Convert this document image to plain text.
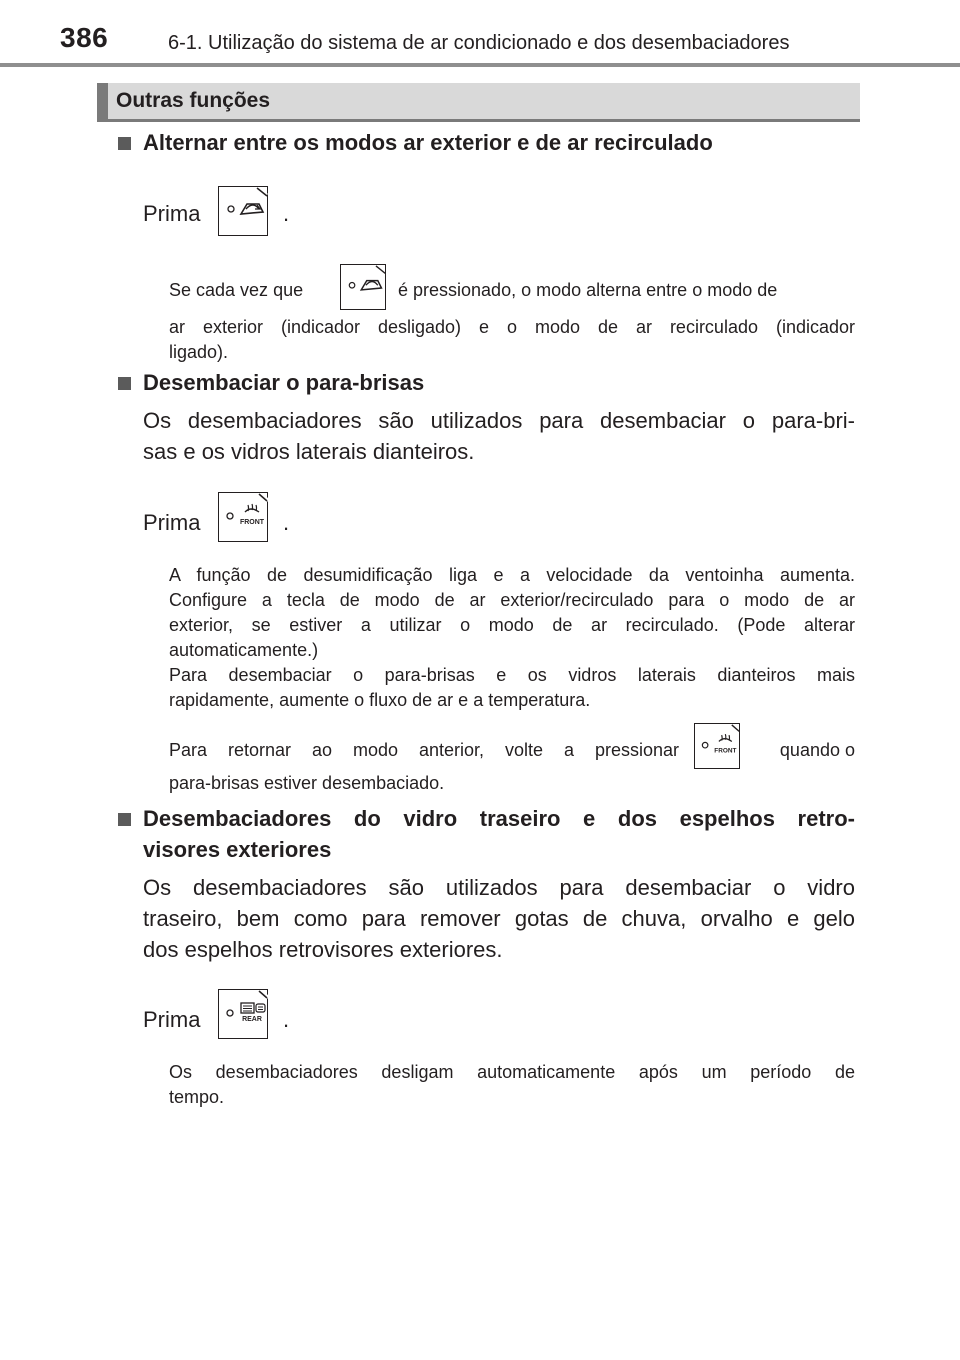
386	6-1. Utilização do sistema de ar condicionado e dos desembaciadores
Outras funções
Alternar entre os modos ar exterior e de ar recirculado
Prima	.
Se cada vez que	é pressionado, o modo alterna entre o modo de
ar exterior (indicador desligado) e o modo de ar recirculado (indicador
ligado).
Desembaciar o para-brisas
Os desembaciadores são utilizados para desembaciar o para-bri-
sas e os vidros laterais dianteiros.
Prima	FRONT .
A função de desumidificação liga e a velocidade da ventoinha aumenta.
Configure a tecla de modo de ar exterior/recirculado para o modo de ar
exterior, se estiver a utilizar o modo de ar recirculado. (Pode alterar
automaticamente.)
Para desembaciar o para-brisas e os vidros laterais dianteiros mais
rapidamente, aumente o fluxo de ar e a temperatura.
Para retornar ao modo anterior, volte a pressionar	FRONT	quando o
para-brisas estiver desembaciado.
Desembaciadores do vidro traseiro e dos espelhos retro-
visores exteriores
Os desembaciadores são utilizados para desembaciar o vidro
traseiro, bem como para remover gotas de chuva, orvalho e gelo
dos espelhos retrovisores exteriores.
Prima	REAR .
Os desembaciadores desligam automaticamente após um período de
tempo.
